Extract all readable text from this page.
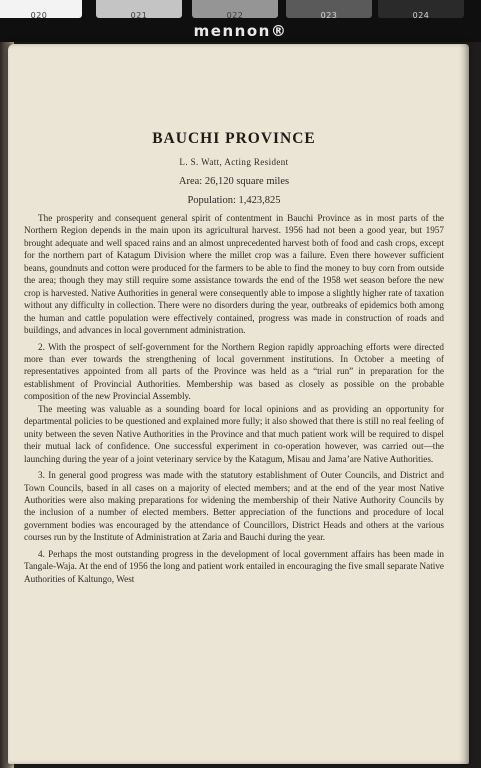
020	021	022	023	024
mennon®
BAUCHI PROVINCE
L. S. Watt, Acting Resident
Area: 26,120 square miles
Population: 1,423,825

The prosperity and consequent general spirit of contentment in Bauchi Province as in most parts of the Northern Region depends in the main upon its agricultural harvest. 1956 had not been a good year, but 1957 brought adequate and well spaced rains and an almost unprecedented harvest both of food and cash crops, except for the northern part of Katagum Division where the millet crop was a failure. Even there however sufficient beans, goundnuts and cotton were produced for the farmers to be able to find the money to buy corn from outside the area; though they may still require some assistance towards the end of the 1958 wet season before the new crop is harvested. Native Authorities in general were consequently able to impose a slightly higher rate of taxation without any difficulty in collection. There were no disorders during the year, outbreaks of epidemics both among the human and cattle population were effectively contained, progress was made in construction of roads and buildings, and advances in local government administration.

2. With the prospect of self-government for the Northern Region rapidly approaching efforts were directed more than ever towards the strengthening of local government institutions. In October a meeting of representatives appointed from all parts of the Province was held as a “trial run” in preparation for the establishment of Provincial Authorities. Membership was based as closely as possible on the probable composition of the new Provincial Assembly.

The meeting was valuable as a sounding board for local opinions and as providing an opportunity for departmental policies to be questioned and explained more fully; it also showed that there is still no real feeling of unity between the seven Native Authorities in the Province and that much patient work will be required to dispel their mutual lack of confidence. One successful experiment in co-operation however, was carried out—the launching during the year of a joint veterinary service by the Katagum, Misau and Jama’are Native Authorities.

3. In general good progress was made with the statutory establishment of Outer Councils, and District and Town Councils, based in all cases on a majority of elected members; and at the end of the year most Native Authorities were also making preparations for widening the membership of their Native Authority Councils by the inclusion of a number of elected members. Better appreciation of the functions and procedure of local government bodies was encouraged by the attendance of Councillors, District Heads and others at the various courses run by the Institute of Administration at Zaria and Bauchi during the year.

4. Perhaps the most outstanding progress in the development of local government affairs has been made in Tangale-Waja. At the end of 1956 the long and patient work entailed in encouraging the five small separate Native Authorities of Kaltungo, West
